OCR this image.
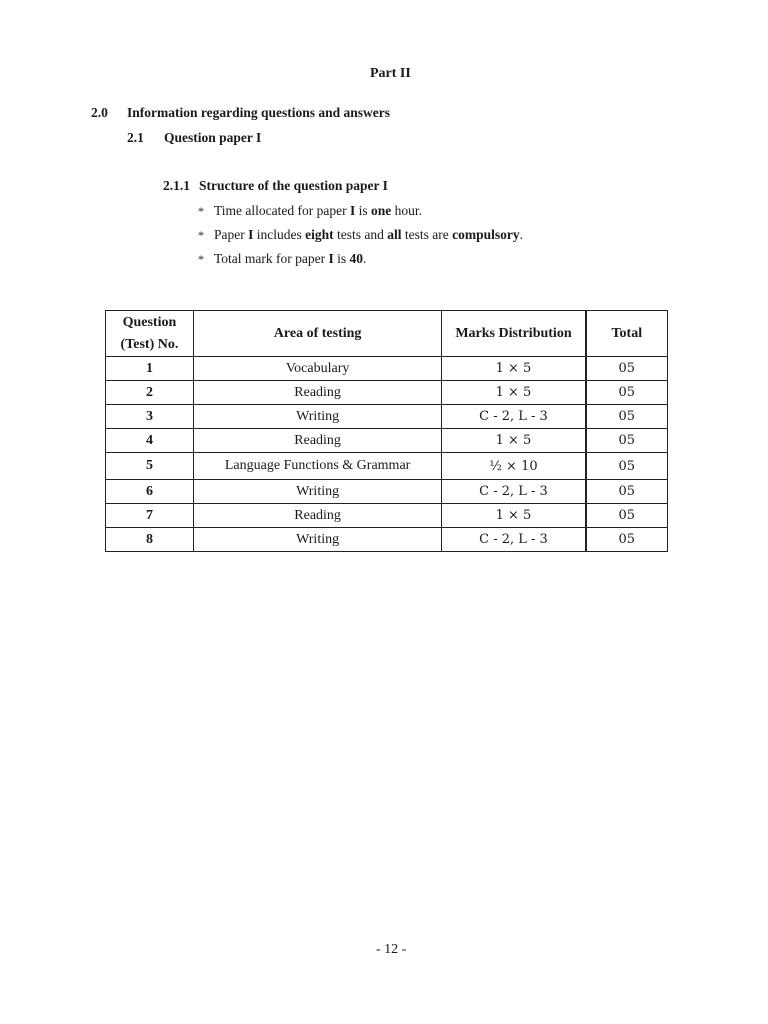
Part II
2.0 Information regarding questions and answers
2.1 Question paper I
2.1.1 Structure of the question paper I
* Time allocated for paper I is one hour.
* Paper I includes eight tests and all tests are compulsory.
* Total mark for paper I is 40.
Question
(Test) No.	Area of testing	Marks Distribution	Total
1	Vocabulary	1 × 5	05
2	Reading	1 × 5	05
3	Writing	C - 2, L - 3	05
4	Reading	1 × 5	05
5	Language Functions & Grammar	½ × 10	05
6	Writing	C - 2, L - 3	05
7	Reading	1 × 5	05
8	Writing	C - 2, L - 3	05
- 12 -
